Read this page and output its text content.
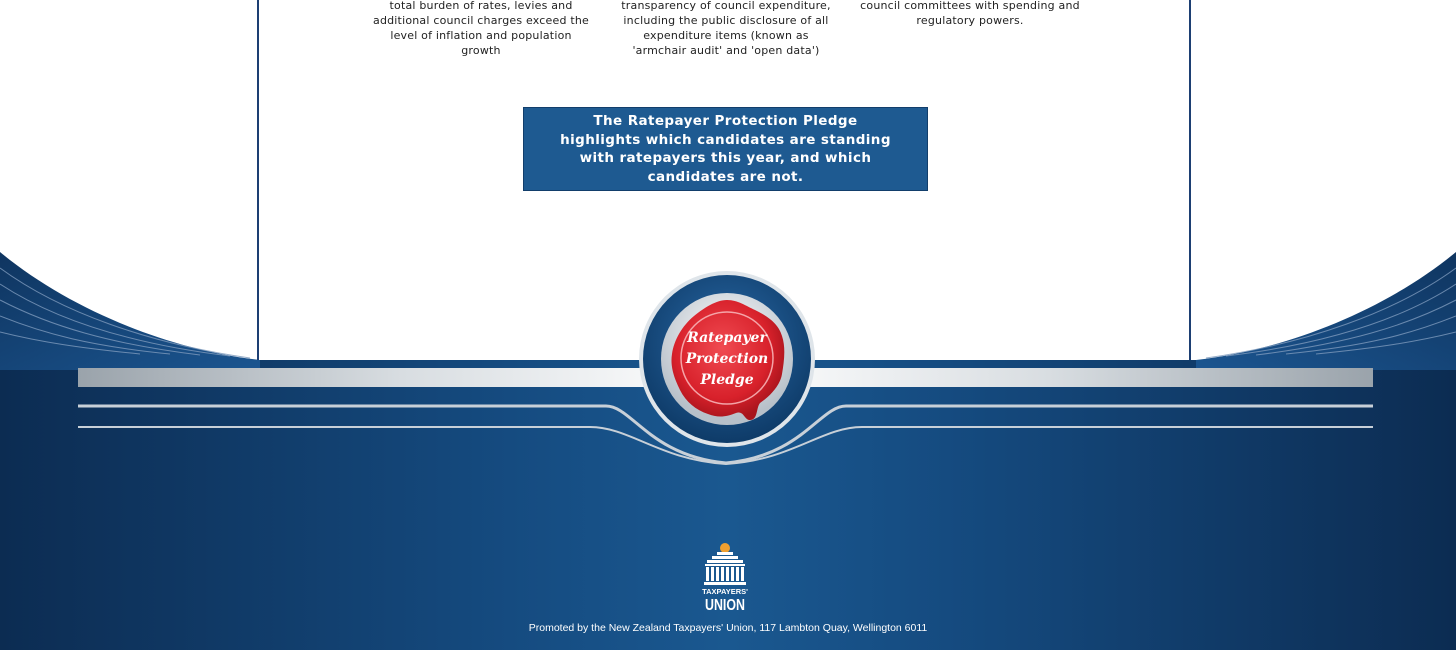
total burden of rates, levies and additional council charges exceed the level of inflation and population growth
transparency of council expenditure, including the public disclosure of all expenditure items (known as 'armchair audit' and 'open data')
council committees with spending and regulatory powers.
The Ratepayer Protection Pledge highlights which candidates are standing with ratepayers this year, and which candidates are not.
Ratepayer
Protection
Pledge
TAXPAYERS'
UNION
Promoted by the New Zealand Taxpayers' Union, 117 Lambton Quay, Wellington 6011
